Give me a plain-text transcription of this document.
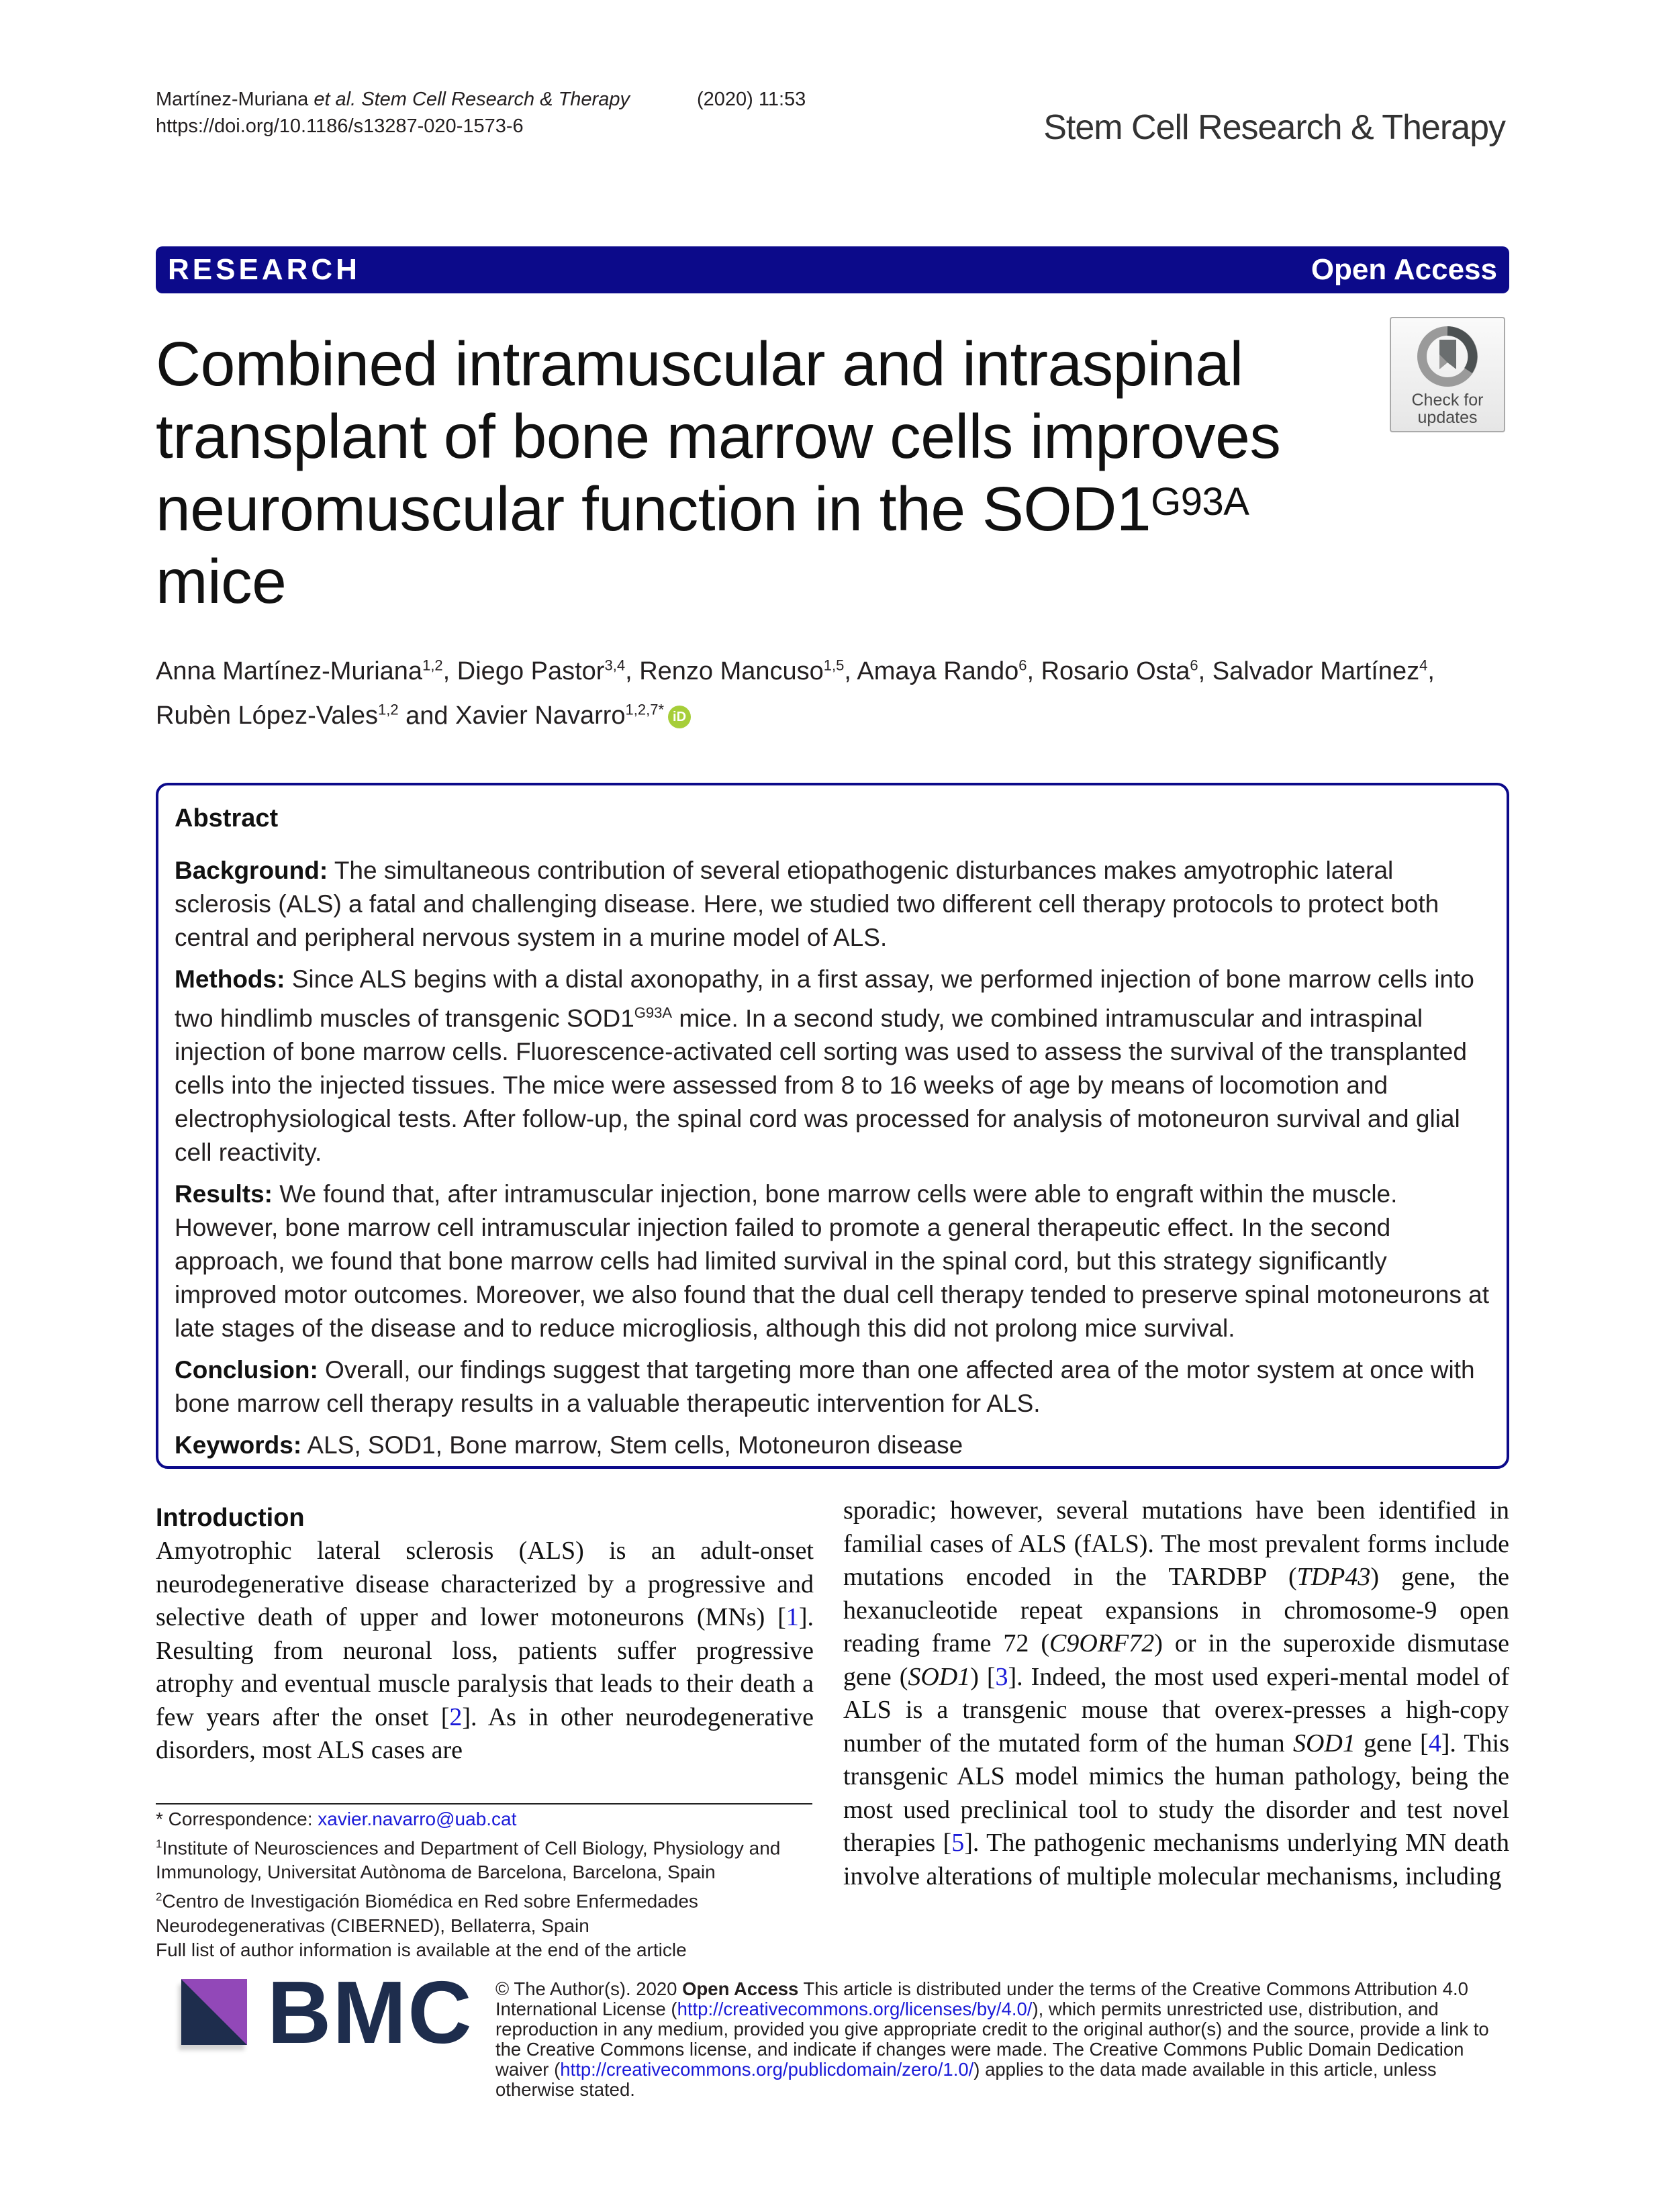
Martínez-Muriana et al. Stem Cell Research & Therapy	(2020) 11:53
https://doi.org/10.1186/s13287-020-1573-6	Stem Cell Research & Therapy
RESEARCH	Open Access
Combined intramuscular and intraspinal transplant of bone marrow cells improves neuromuscular function in the $SOD1^{G93A}$
mice
Check for
updates
Anna Martínez-Muriana$^{1,2}$, Diego Pastor$^{3,4}$, Renzo Mancuso$^{1,5}$, Amaya Rando$^6$, Rosario Osta$^6$, Salvador Martínez$^4$,
Rubèn López-Vales$^{1,2}$ and Xavier Navarro$^{1,2,7*}$ iD
Abstract

Background: The simultaneous contribution of several etiopathogenic disturbances makes amyotrophic lateral sclerosis (ALS) a fatal and challenging disease. Here, we studied two different cell therapy protocols to protect both central and peripheral nervous system in a murine model of ALS.

Methods: Since ALS begins with a distal axonopathy, in a first assay, we performed injection of bone marrow cells into two hindlimb muscles of transgenic $SOD1^{G93A}$ mice. In a second study, we combined intramuscular and intraspinal injection of bone marrow cells. Fluorescence-activated cell sorting was used to assess the survival of the transplanted cells into the injected tissues. The mice were assessed from 8 to 16 weeks of age by means of locomotion and electrophysiological tests. After follow-up, the spinal cord was processed for analysis of motoneuron survival and glial cell reactivity.

Results: We found that, after intramuscular injection, bone marrow cells were able to engraft within the muscle. However, bone marrow cell intramuscular injection failed to promote a general therapeutic effect. In the second approach, we found that bone marrow cells had limited survival in the spinal cord, but this strategy significantly improved motor outcomes. Moreover, we also found that the dual cell therapy tended to preserve spinal motoneurons at late stages of the disease and to reduce microgliosis, although this did not prolong mice survival.

Conclusion: Overall, our findings suggest that targeting more than one affected area of the motor system at once with bone marrow cell therapy results in a valuable therapeutic intervention for ALS.

Keywords: ALS, SOD1, Bone marrow, Stem cells, Motoneuron disease

Introduction

Amyotrophic lateral sclerosis (ALS) is an adult-onset neurodegenerative disease characterized by a progressive and selective death of upper and lower motoneurons (MNs) [1]. Resulting from neuronal loss, patients suffer progressive atrophy and eventual muscle paralysis that leads to their death a few years after the onset [2]. As in other neurodegenerative disorders, most ALS cases are

sporadic; however, several mutations have been identified in familial cases of ALS (fALS). The most prevalent forms include mutations encoded in the TARDBP (TDP43) gene, the hexanucleotide repeat expansions in chromosome-9 open reading frame 72 (C9ORF72) or in the superoxide dismutase gene (SOD1) [3]. Indeed, the most used experi-mental model of ALS is a transgenic mouse that overex-presses a high-copy number of the mutated form of the human SOD1 gene [4]. This transgenic ALS model mimics the human pathology, being the most used preclinical tool to study the disorder and test novel therapies [5]. The pathogenic mechanisms underlying MN death involve alterations of multiple molecular mechanisms, including

* Correspondence: xavier.navarro@uab.cat
$^1$Institute of Neurosciences and Department of Cell Biology, Physiology and Immunology, Universitat Autònoma de Barcelona, Barcelona, Spain
$^2$Centro de Investigación Biomédica en Red sobre Enfermedades Neurodegenerativas (CIBERNED), Bellaterra, Spain
Full list of author information is available at the end of the article
BMC © The Author(s). 2020 Open Access This article is distributed under the terms of the Creative Commons Attribution 4.0 International License (http://creativecommons.org/licenses/by/4.0/), which permits unrestricted use, distribution, and reproduction in any medium, provided you give appropriate credit to the original author(s) and the source, provide a link to the Creative Commons license, and indicate if changes were made. The Creative Commons Public Domain Dedication waiver (http://creativecommons.org/publicdomain/zero/1.0/) applies to the data made available in this article, unless otherwise stated.
